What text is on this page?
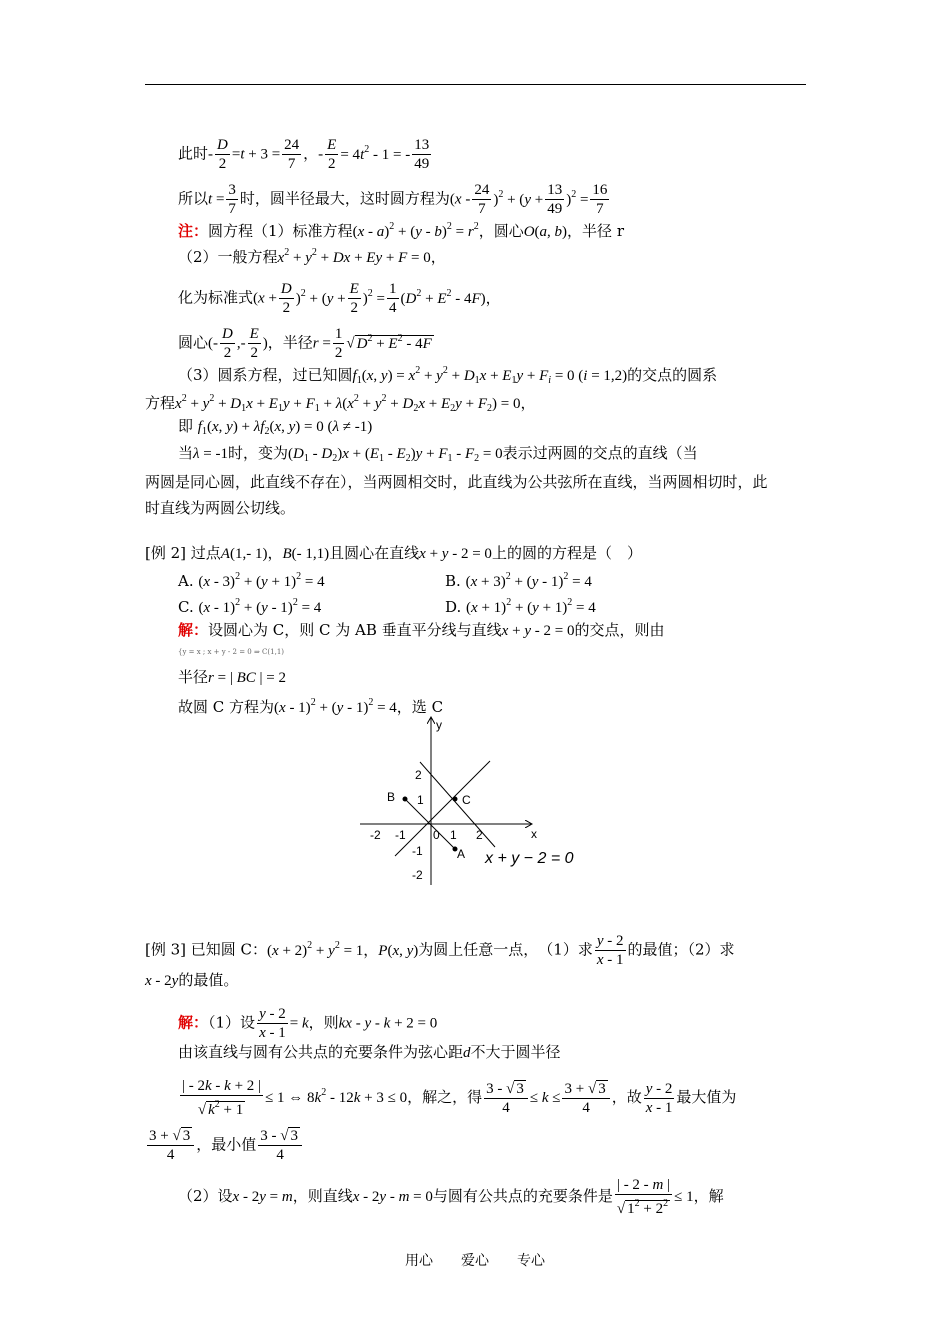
此时- $\frac{D}{2} =t + 3 = \frac{24}{7}$ ，- $\frac{E}{2} = 4t^2 - 1$ = - $\frac{13}{49}$
所以$t = \frac{3}{7}$ 时，圆半径最大，这时圆方程为$(x - \frac{24}{7} )^2 + (y + \frac{13}{49} )^2 = \frac{16}{7}$
注：圆方程（1）标准方程$(x - a)^2 + (y - b)^2 = r^2$，圆心O(a, b)，半径 r
（2）一般方程$x^2 + y^2 + Dx + Ey + F = 0$，
化为标准式$(x + \frac{D}{2} )^2 + (y + \frac{E}{2} )^2 = \frac{1}{4} (D^2 + E^2 - 4F)$，
圆心(- $\frac{D}{2}$ ,- $\frac{E}{2}$ )，半径$r = \frac{1}{2}$ √ $D^2 + E^2 - 4F$
（3）圆系方程，过已知圆$f_1(x$, $y) = x^2 + y^2 + D_1x + E_1y + F_i = 0$ (i = 1,2)的交点的圆系
方程$x^2 + y^2 + D_1x + E_1y + F_1 + \lambda(x^2 + y^2 + D_2x + E_2y + F_2) = 0$，
即 $f_1(x$, $y) + \lambda f_2(x$, y) = 0 (λ ≠ -1)
当λ = -1时，变为$(D_1 - D_2)x + (E_1 - E_2)y + F_1 - F_2 = 0$表示过两圆的交点的直线（当
两圆是同心圆，此直线不存在），当两圆相交时，此直线为公共弦所在直线，当两圆相切时，此
时直线为两圆公切线。
[例 2] 过点A(1,- 1)，B(- 1,1)且圆心在直线x + y - 2 = 0上的圆的方程是（　）
A. $(x - 3)^2 + (y + 1)^2 = 4$	B. $(x + 3)^2 + (y - 1)^2 = 4$
C. (x - 1)$^2$ + (y - 1)$^2$ = 4	D. $(x + 1)^2 + (y + 1)^2 = 4$
解：设圆心为 C，则 C 为 AB 垂直平分线与直线x + y - 2 = 0的交点，则由
{y = x ; x + y - 2 = 0 ⇒ C(1,1)
半径r = | BC | = 2
故圆 C 方程为(x - 1)$^2$ + (y - 1)$^2$ = 4，选 C
x
y
-2 -1 0 1 2
2
1
-1
-2
B	C
A x + y − 2 = 0
[例 3] 已知圆 C：$(x + 2)^2 + y^2 = 1$，P(x, y)为圆上任意一点，　（1）求 $\frac{y - 2}{x - 1}$ 的最值；（2）求
x - 2y的最值。
解：（1）设 $\frac{y - 2}{x - 1} = k$，则kx - y - k + 2 = 0
由该直线与圆有公共点的充要条件为弦心距d不大于圆半径
$\frac{| - 2k - k + 2 |}{√ k^2 + 1} \le 1$ ⇔ $8k^2 - 12k + 3 \le 0$，解之，得 $\frac{3 - √ 3}{4} \le k \le \frac{3 + √ 3}{4}$ ，故 $\frac{y - 2}{x - 1}$ 最大值为
$\frac{3 + √ 3}{4}$ ，最小值 $\frac{3 - √ 3}{4}$
（2）设x - 2y = m，则直线x - 2y - m = 0与圆有公共点的充要条件是 $\frac{| - 2 - m |}{√ 1^2 + 2^2} \le 1$，解
用心　　爱心　　专心
